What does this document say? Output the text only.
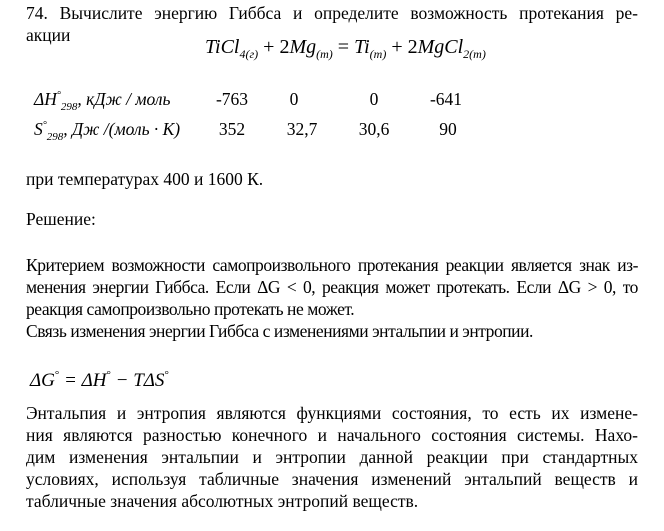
74. Вычислите энергию Гиббса и определите возможность протекания ре-
акции
TiCl$_{4(г)}$ + $2Mg_{(т)} = Ti_{(т)}$ + 2MgCl$_{2(т)}$
$\Delta H^\circ_{298}$, кДж / моль	-763	0	0	-641
$S^\circ_{298}$, Дж /(моль · К)	352	32,7	30,6	90
при температурах 400 и 1600 К.
Решение:
Критерием возможности самопроизвольного протекания реакции является знак из-
менения энергии Гиббса. Если ΔG < 0, реакция может протекать. Если ΔG > 0, то
реакция самопроизвольно протекать не может.
Связь изменения энергии Гиббса с изменениями энтальпии и энтропии.
ΔG° = ΔH° − TΔS°
Энтальпия и энтропия являются функциями состояния, то есть их измене-
ния являются разностью конечного и начального состояния системы. Нахо-
дим изменения энтальпии и энтропии данной реакции при стандартных
условиях, используя табличные значения изменений энтальпий веществ и
табличные значения абсолютных энтропий веществ.
